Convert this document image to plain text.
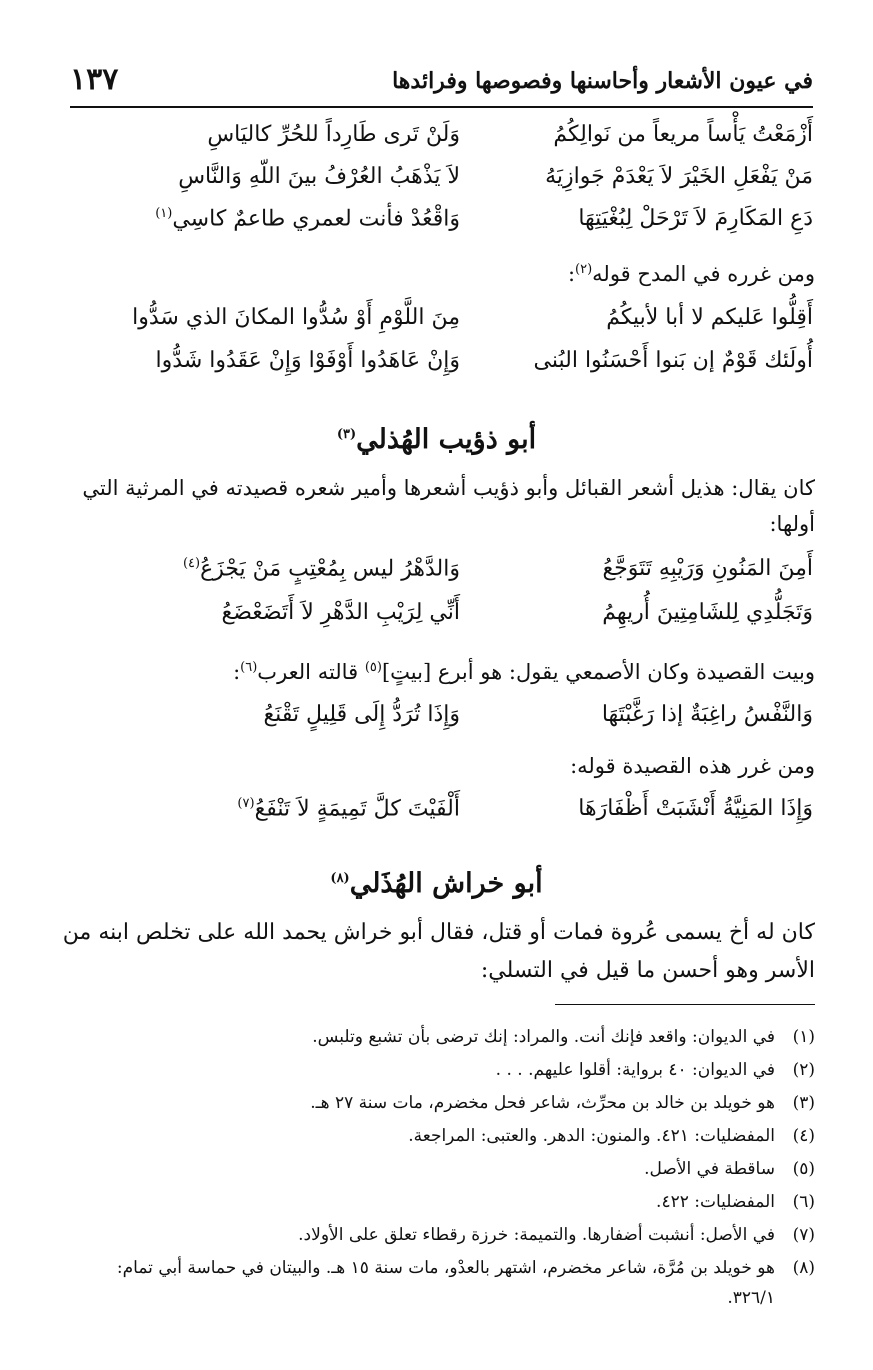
في عيون الأشعار وأحاسنها وفصوصها وفرائدها
١٣٧
أَزْمَعْتُ يَأْساً مريعاً من نَوالِكُمُ
وَلَنْ تَرى طَارِداً للحُرِّ كاليَاسِ
مَنْ يَفْعَلِ الخَيْرَ لاَ يَعْدَمْ جَوازِيَهُ
لاَ يَذْهَبُ العُرْفُ بينَ اللّهِ وَالنَّاسِ
دَعِ المَكَارِمَ لاَ تَرْحَلْ لِبُغْيَتِهَا
وَاقْعُدْ فأنت لعمري طاعمٌ كاسِي$^{(١)}$
ومن غرره في المدح قوله$^{(٢)}$:
أَقِلُّوا عَليكم لا أبا لأبيكُمُ
مِنَ اللَّوْمِ أَوْ سُدُّوا المكانَ الذي سَدُّوا
أُولَئك قَوْمٌ إن بَنوا أَحْسَنُوا البُنى
وَإِنْ عَاهَدُوا أَوْفَوْا وَإِنْ عَقَدُوا شَدُّوا
أبو ذؤيب الهُذلي$^{(٣)}$
كان يقال: هذيل أشعر القبائل وأبو ذؤيب أشعرها وأمير شعره قصيدته في المرثية التي أولها:
أَمِنَ المَنُونِ وَرَيْبِهِ تَتَوَجَّعُ
وَالدَّهْرُ ليس بِمُعْتِبٍ مَنْ يَجْزَعُ$^{(٤)}$
وَتَجَلُّدِي لِلشَامِتِينَ أُريهِمُ
أَنِّي لِرَيْبِ الدَّهْرِ لاَ أَتَضَعْضَعُ
وبيت القصيدة وكان الأصمعي يقول: هو أبرع [بيتٍ]$^{(٥)}$ قالته العرب$^{(٦)}$:
وَالنَّفْسُ راغِبَةٌ إذا رَغَّبْتَهَا
وَإِذَا تُرَدُّ إِلَى قَلِيلٍ تَقْنَعُ
ومن غرر هذه القصيدة قوله:
وَإِذَا المَنِيَّةُ أَنْشَبَتْ أَظْفَارَهَا
أَلْفَيْتَ كلَّ تَمِيمَةٍ لاَ تَنْفَعُ$^{(٧)}$
أبو خراش الهُذَلي$^{(٨)}$
كان له أخ يسمى عُروة فمات أو قتل، فقال أبو خراش يحمد الله على تخلص ابنه من الأسر وهو أحسن ما قيل في التسلي:
(١)
في الديوان: واقعد فإنك أنت. والمراد: إنك ترضى بأن تشبع وتلبس.
(٢)
في الديوان: ٤٠ برواية: أقلوا عليهم. . . .
(٣)
هو خويلد بن خالد بن محرِّث، شاعر فحل مخضرم، مات سنة ٢٧ هـ.
(٤)
المفضليات: ٤٢١. والمنون: الدهر. والعتبى: المراجعة.
(٥)
ساقطة في الأصل.
(٦)
المفضليات: ٤٢٢.
(٧)
في الأصل: أنشبت أضفارها. والتميمة: خرزة رقطاء تعلق على الأولاد.
(٨)
هو خويلد بن مُرَّة، شاعر مخضرم، اشتهر بالعدْو، مات سنة ١٥ هـ. والبيتان في حماسة أبي تمام: ٣٢٦/١.
